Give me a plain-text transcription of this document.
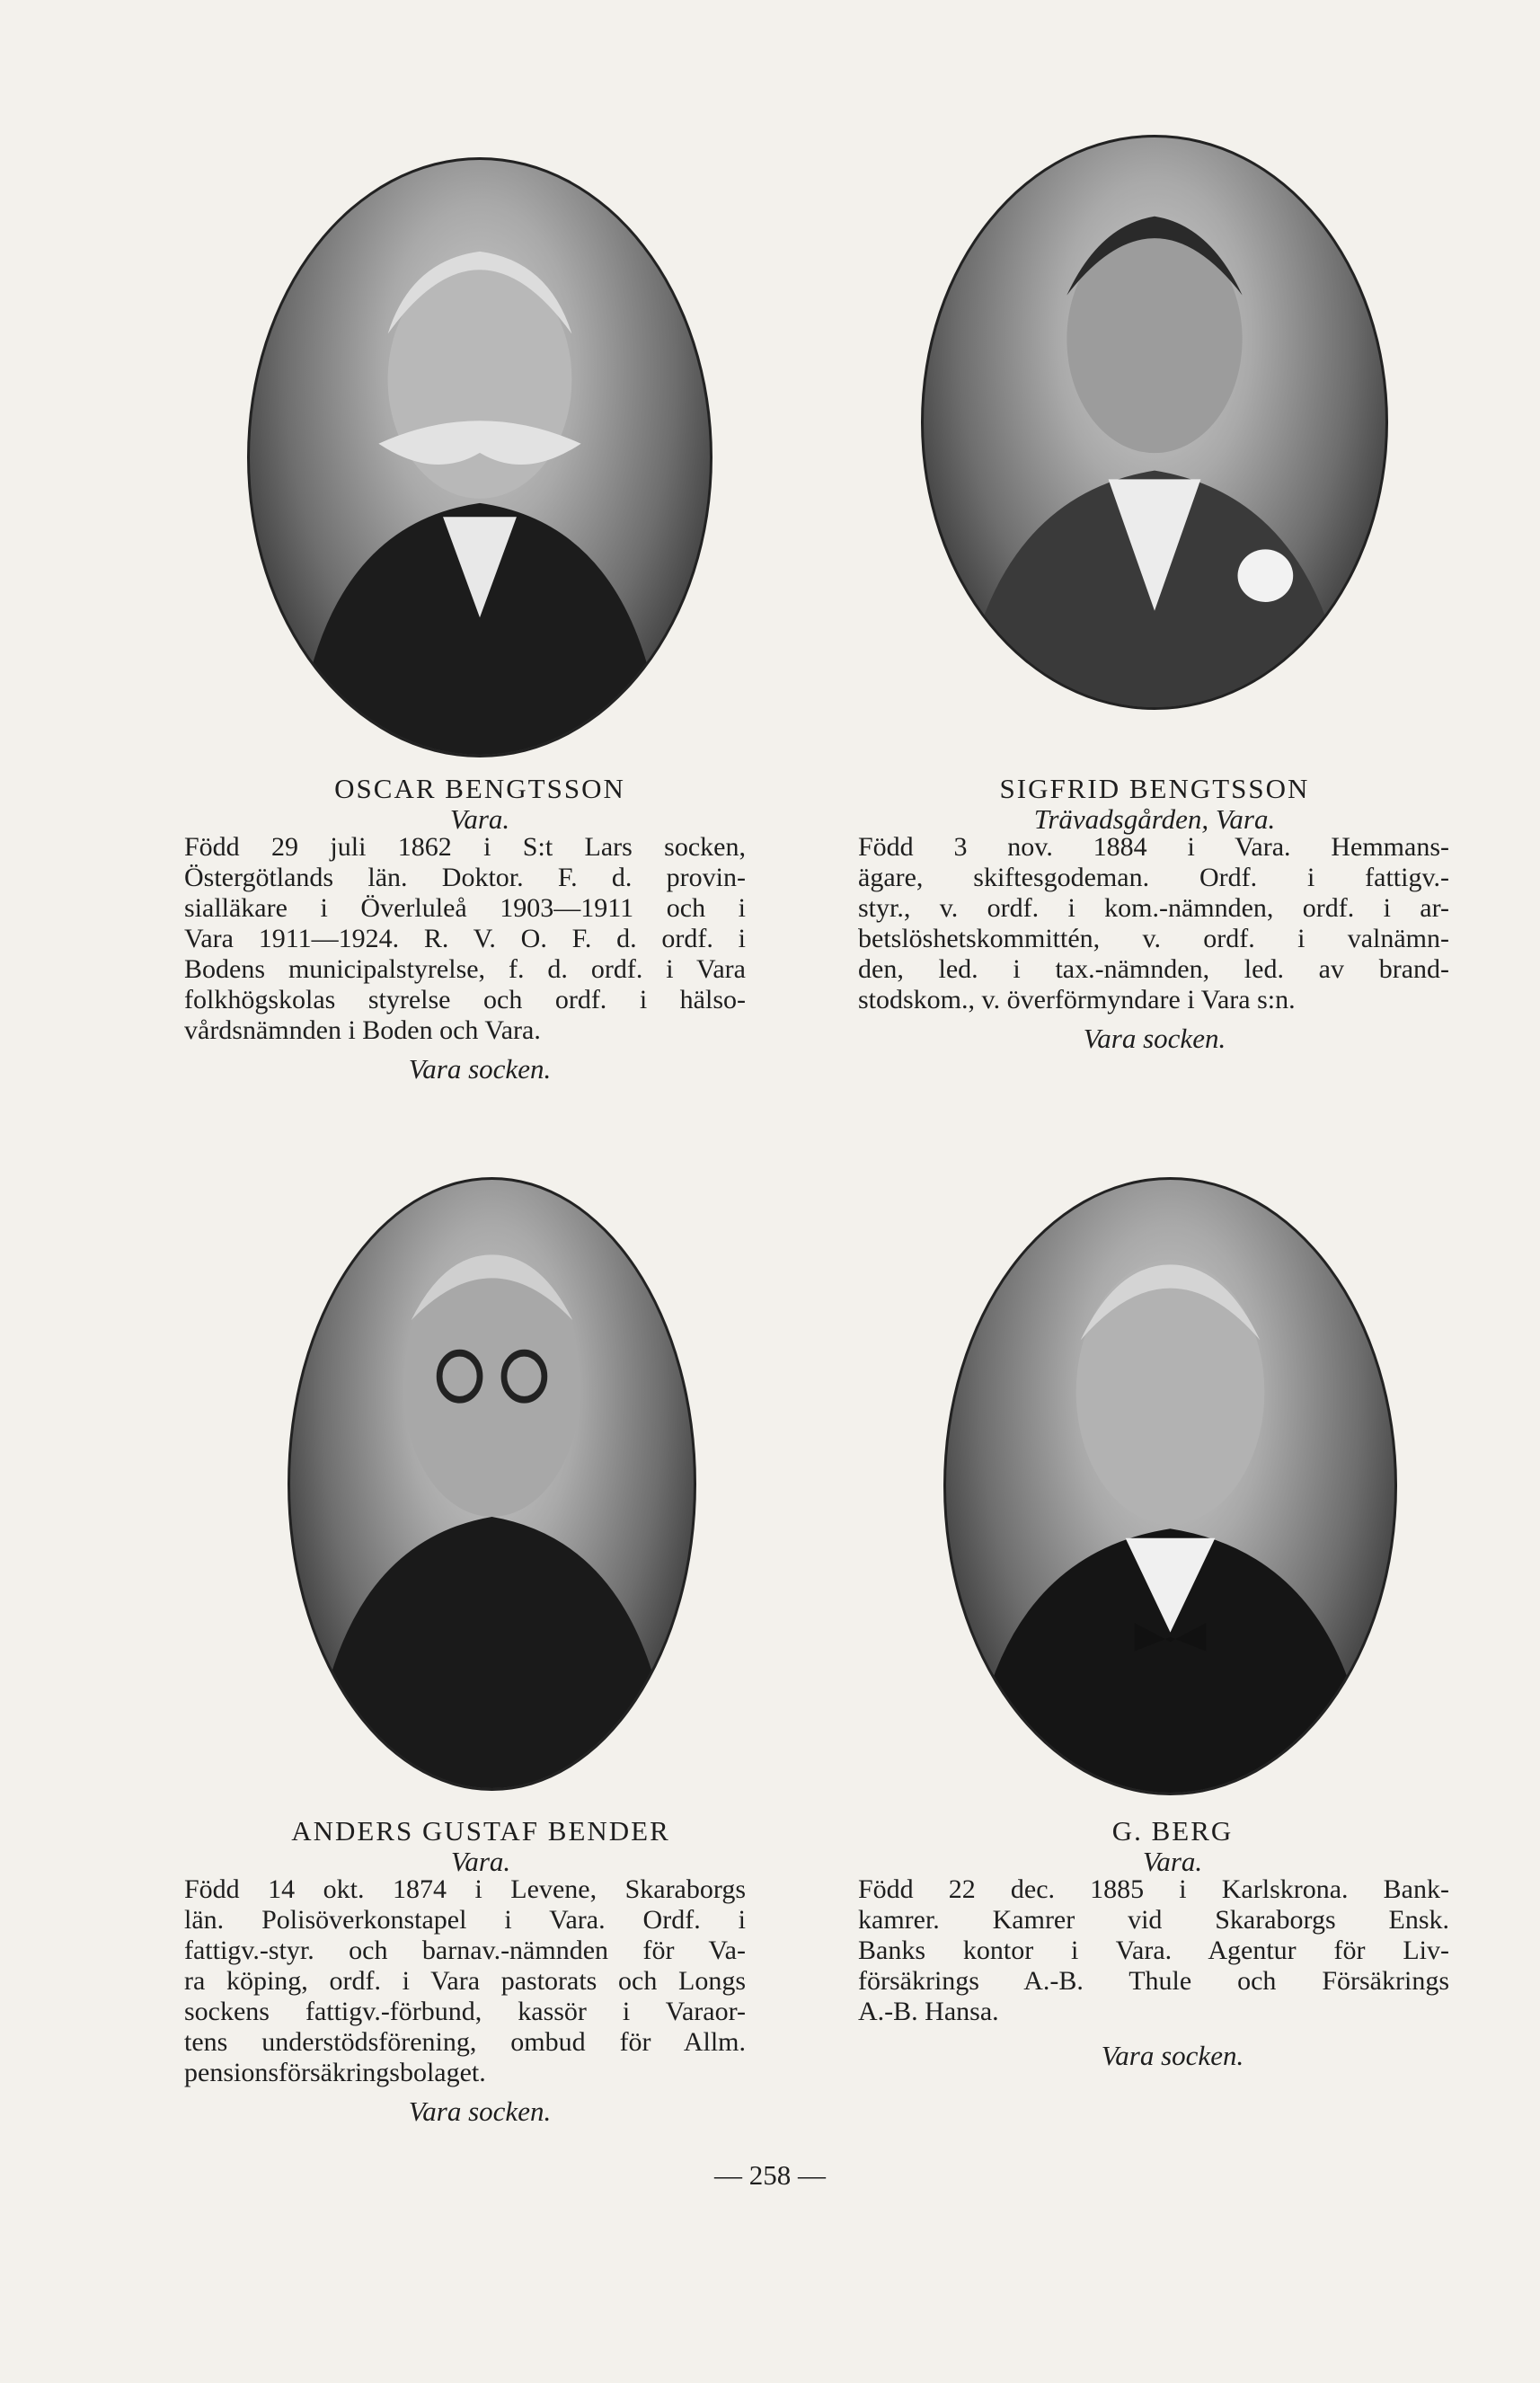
OSCAR BENGTSSON
Vara.
Född 29 juli 1862 i S:t Lars socken,
Östergötlands län. Doktor. F. d. provin-
sialläkare i Överluleå 1903—1911 och i
Vara 1911—1924. R. V. O. F. d. ordf. i
Bodens municipalstyrelse, f. d. ordf. i Vara
folkhögskolas styrelse och ordf. i hälso-
vårdsnämnden i Boden och Vara.
Vara socken.
SIGFRID BENGTSSON
Trävadsgården, Vara.
Född 3 nov. 1884 i Vara. Hemmans-
ägare, skiftesgodeman. Ordf. i fattigv.-
styr., v. ordf. i kom.-nämnden, ordf. i ar-
betslöshetskommittén, v. ordf. i valnämn-
den, led. i tax.-nämnden, led. av brand-
stodskom., v. överförmyndare i Vara s:n.
Vara socken.
ANDERS GUSTAF BENDER
Vara.
Född 14 okt. 1874 i Levene, Skaraborgs
län. Polisöverkonstapel i Vara. Ordf. i
fattigv.-styr. och barnav.-nämnden för Va-
ra köping, ordf. i Vara pastorats och Longs
sockens fattigv.-förbund, kassör i Varaor-
tens understödsförening, ombud för Allm.
pensionsförsäkringsbolaget.
Vara socken.
G. BERG
Vara.
Född 22 dec. 1885 i Karlskrona. Bank-
kamrer. Kamrer vid Skaraborgs Ensk.
Banks kontor i Vara. Agentur för Liv-
försäkrings A.-B. Thule och Försäkrings
A.-B. Hansa.
Vara socken.
— 258 —
